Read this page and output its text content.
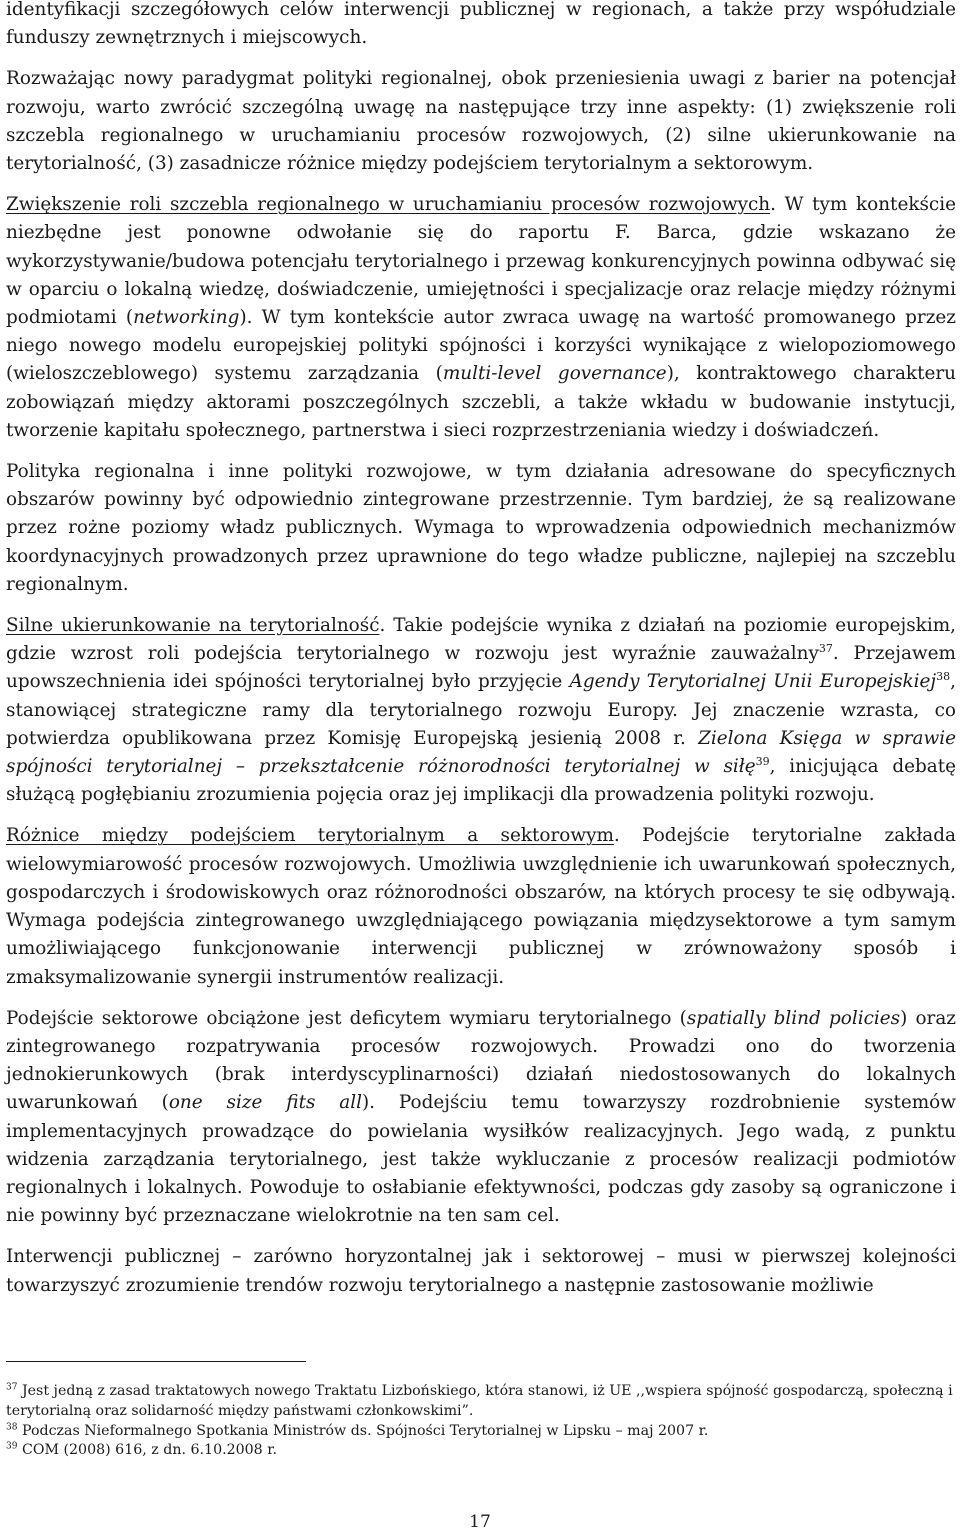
identyfikacji szczegółowych celów interwencji publicznej w regionach, a także przy współudziale funduszy zewnętrznych i miejscowych.

Rozważając nowy paradygmat polityki regionalnej, obok przeniesienia uwagi z barier na potencjał rozwoju, warto zwrócić szczególną uwagę na następujące trzy inne aspekty: (1) zwiększenie roli szczebla regionalnego w uruchamianiu procesów rozwojowych, (2) silne ukierunkowanie na terytorialność, (3) zasadnicze różnice między podejściem terytorialnym a sektorowym.

Zwiększenie roli szczebla regionalnego w uruchamianiu procesów rozwojowych. W tym kontekście niezbędne jest ponowne odwołanie się do raportu F. Barca, gdzie wskazano że wykorzystywanie/budowa potencjału terytorialnego i przewag konkurencyjnych powinna odbywać się w oparciu o lokalną wiedzę, doświadczenie, umiejętności i specjalizacje oraz relacje między różnymi podmiotami (networking). W tym kontekście autor zwraca uwagę na wartość promowanego przez niego nowego modelu europejskiej polityki spójności i korzyści wynikające z wielopoziomowego (wieloszczeblowego) systemu zarządzania (multi-level governance), kontraktowego charakteru zobowiązań między aktorami poszczególnych szczebli, a także wkładu w budowanie instytucji, tworzenie kapitału społecznego, partnerstwa i sieci rozprzestrzeniania wiedzy i doświadczeń.

Polityka regionalna i inne polityki rozwojowe, w tym działania adresowane do specyficznych obszarów powinny być odpowiednio zintegrowane przestrzennie. Tym bardziej, że są realizowane przez rożne poziomy władz publicznych. Wymaga to wprowadzenia odpowiednich mechanizmów koordynacyjnych prowadzonych przez uprawnione do tego władze publiczne, najlepiej na szczeblu regionalnym.

Silne ukierunkowanie na terytorialność. Takie podejście wynika z działań na poziomie europejskim, gdzie wzrost roli podejścia terytorialnego w rozwoju jest wyraźnie zauważalny$^{37}$. Przejawem upowszechnienia idei spójności terytorialnej było przyjęcie Agendy Terytorialnej Unii Europejskiej$^{38}$, stanowiącej strategiczne ramy dla terytorialnego rozwoju Europy. Jej znaczenie wzrasta, co potwierdza opublikowana przez Komisję Europejską jesienią 2008 r. Zielona Księga w sprawie spójności terytorialnej – przekształcenie różnorodności terytorialnej w siłę$^{39}$, inicjująca debatę służącą pogłębianiu zrozumienia pojęcia oraz jej implikacji dla prowadzenia polityki rozwoju.

Różnice między podejściem terytorialnym a sektorowym. Podejście terytorialne zakłada wielowymiarowość procesów rozwojowych. Umożliwia uwzględnienie ich uwarunkowań społecznych, gospodarczych i środowiskowych oraz różnorodności obszarów, na których procesy te się odbywają. Wymaga podejścia zintegrowanego uwzględniającego powiązania międzysektorowe a tym samym umożliwiającego funkcjonowanie interwencji publicznej w zrównoważony sposób i zmaksymalizowanie synergii instrumentów realizacji.

Podejście sektorowe obciążone jest deficytem wymiaru terytorialnego (spatially blind policies) oraz zintegrowanego rozpatrywania procesów rozwojowych. Prowadzi ono do tworzenia jednokierunkowych (brak interdyscyplinarności) działań niedostosowanych do lokalnych uwarunkowań (one size fits all). Podejściu temu towarzyszy rozdrobnienie systemów implementacyjnych prowadzące do powielania wysiłków realizacyjnych. Jego wadą, z punktu widzenia zarządzania terytorialnego, jest także wykluczanie z procesów realizacji podmiotów regionalnych i lokalnych. Powoduje to osłabianie efektywności, podczas gdy zasoby są ograniczone i nie powinny być przeznaczane wielokrotnie na ten sam cel.

Interwencji publicznej – zarówno horyzontalnej jak i sektorowej – musi w pierwszej kolejności towarzyszyć zrozumienie trendów rozwoju terytorialnego a następnie zastosowanie możliwie

$^{37}$ Jest jedną z zasad traktatowych nowego Traktatu Lizbońskiego, która stanowi, iż UE ,,wspiera spójność gospodarczą, społeczną i terytorialną oraz solidarność między państwami członkowskimi”.

$^{38}$ Podczas Nieformalnego Spotkania Ministrów ds. Spójności Terytorialnej w Lipsku – maj 2007 r.

$^{39}$ COM (2008) 616, z dn. 6.10.2008 r.

17
